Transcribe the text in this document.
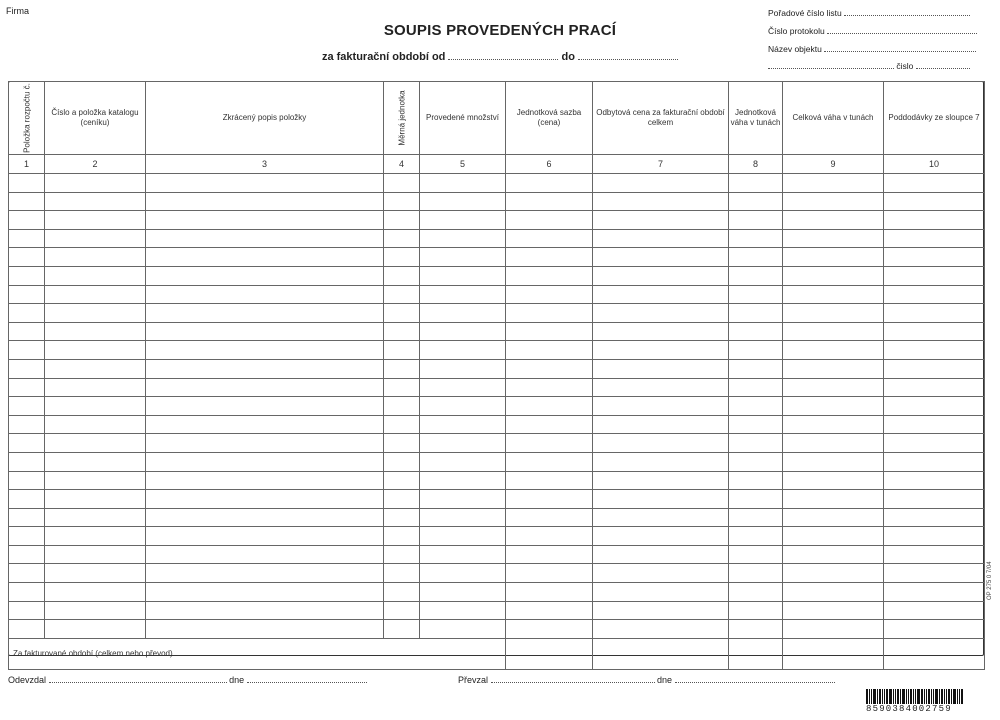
Firma
SOUPIS PROVEDENÝCH PRACÍ
za fakturační období od	do
Pořadové číslo listu
Číslo protokolu
Název objektu
čislo
Položka rozpočtu č.	Číslo a položka katalogu (ceníku)	Zkrácený popis položky	Měrná jednotka	Provedené množství	Jednotková sazba (cena)	Odbytová cena za fakturační období celkem	Jednotková váha v tunách	Celková váha v tunách	Poddodávky ze sloupce 7
1	2	3	4	5	6	7	8	9	10

Za fakturované období (celkem nebo převod)									
OP 275 0 7/04
Odevzdal	dne	Převzal	dne
8590384002759
